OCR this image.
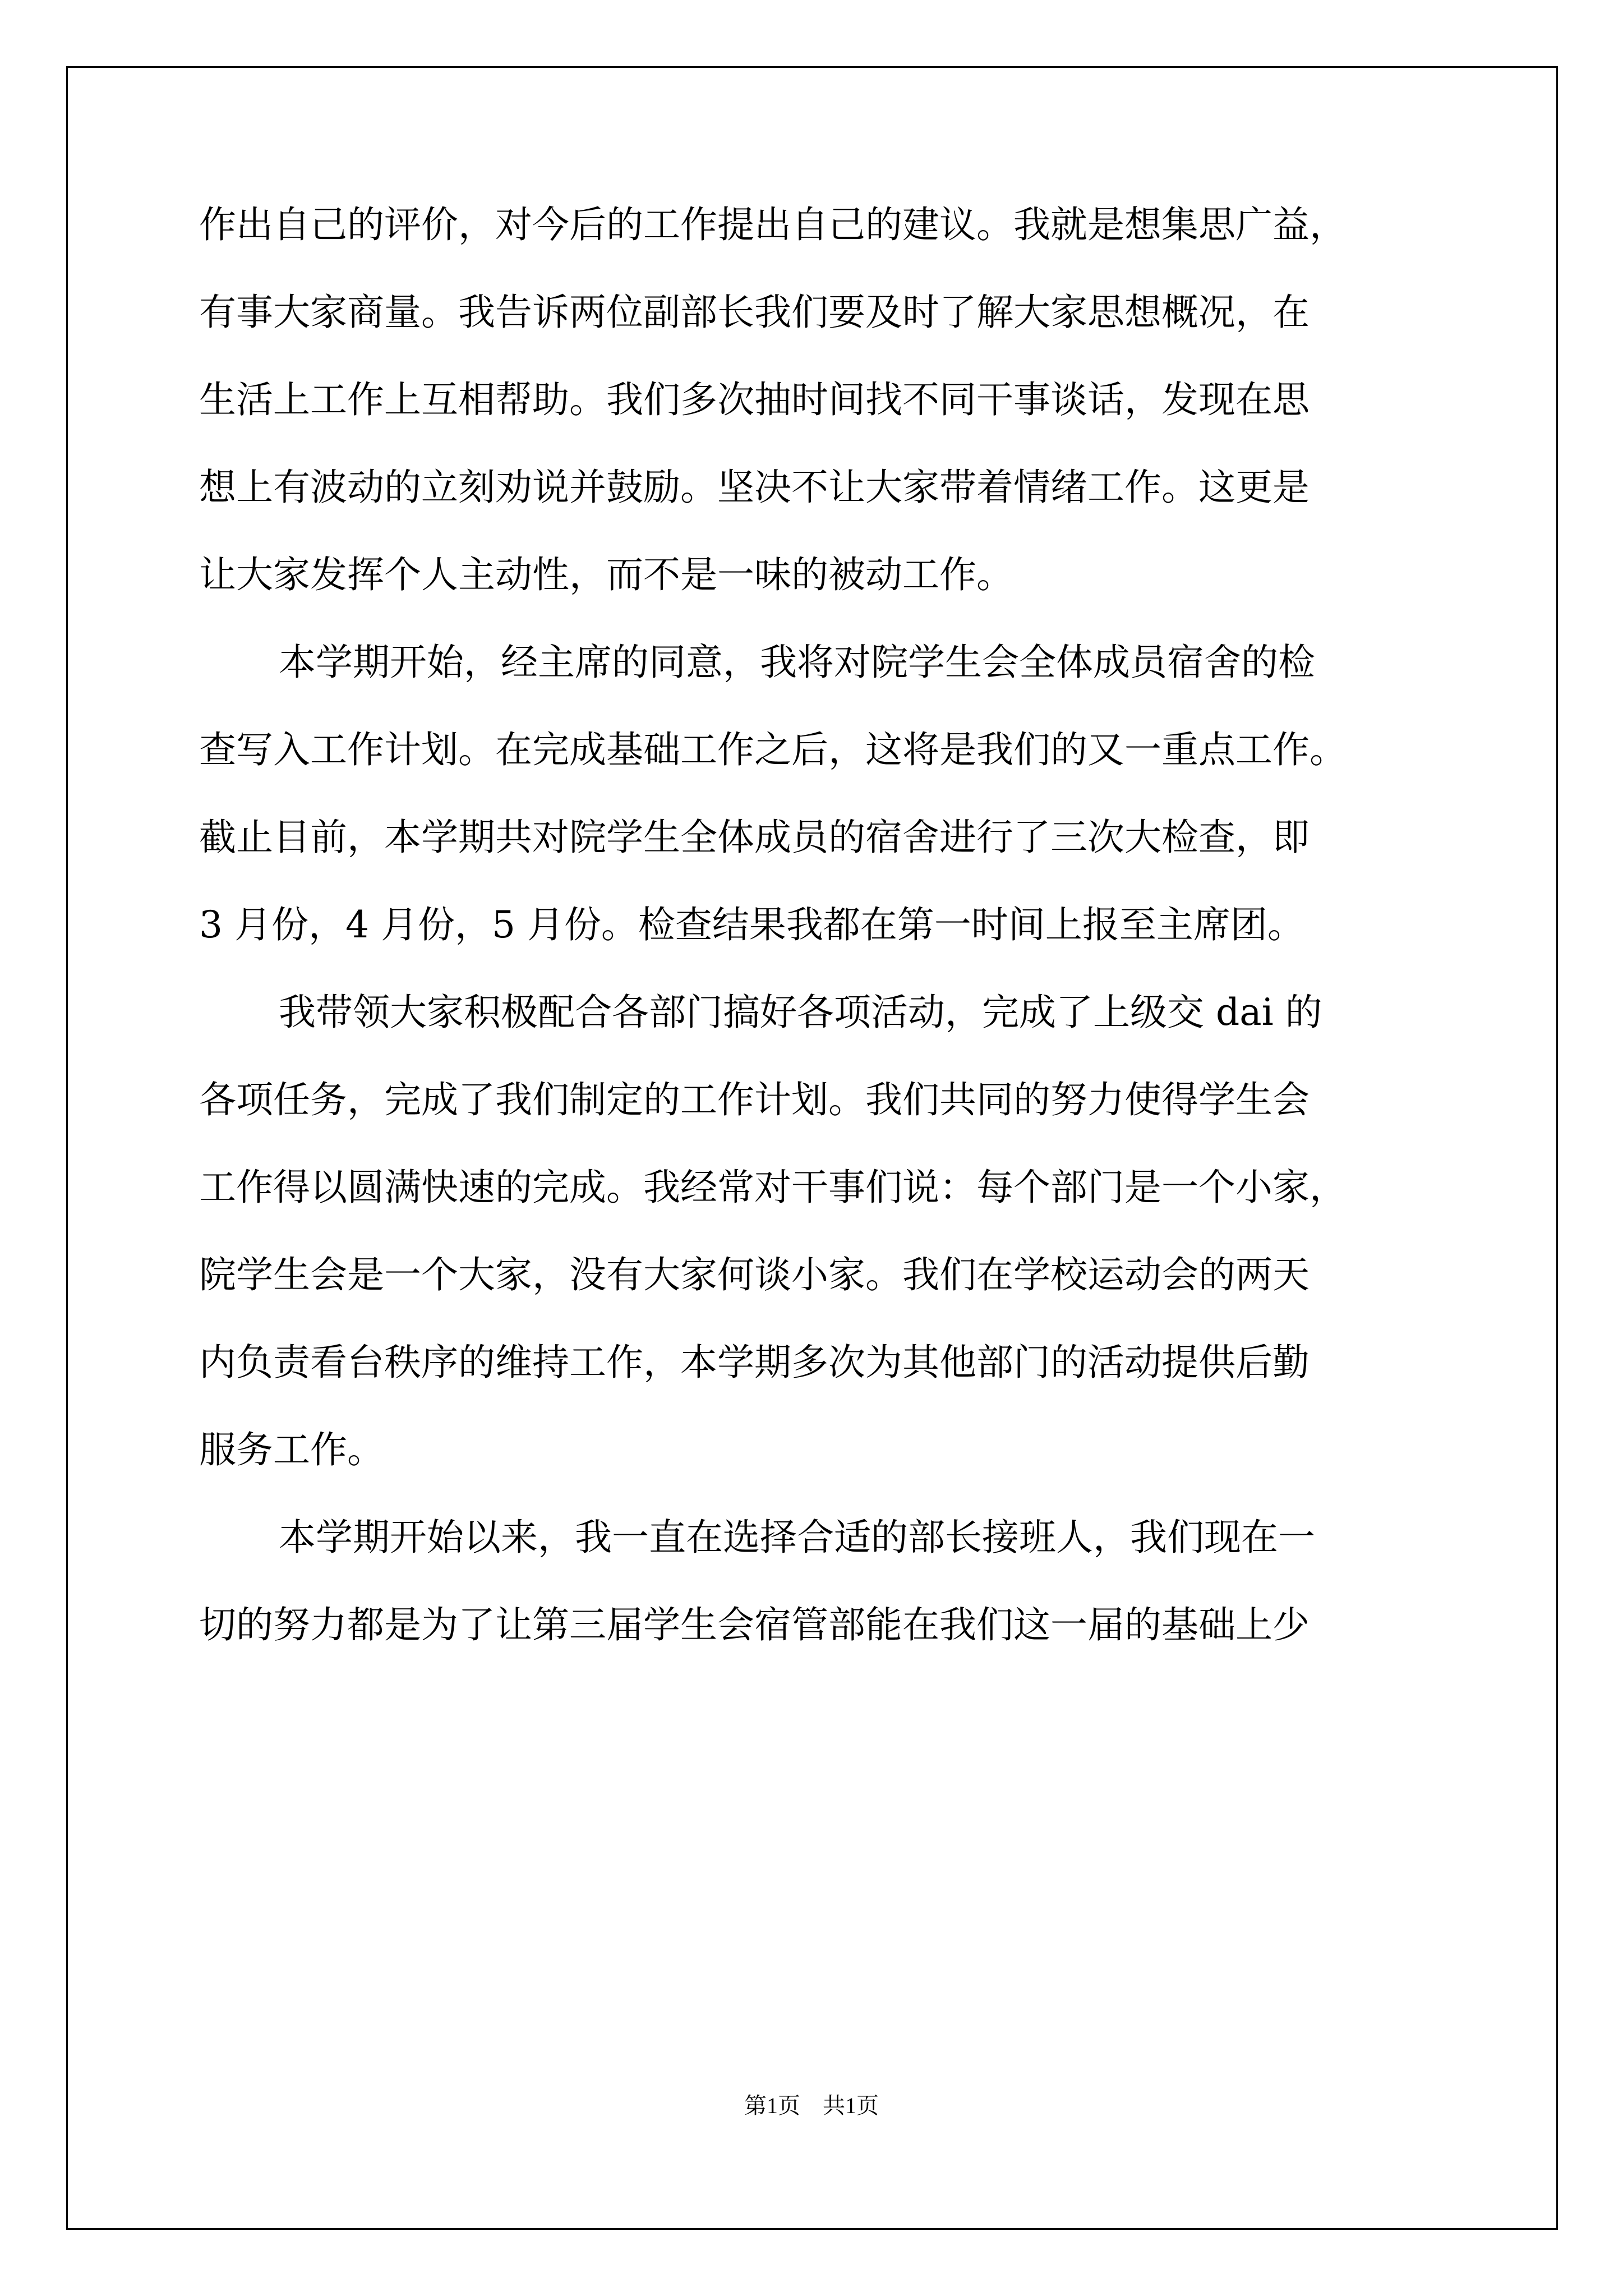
作出自己的评价，对今后的工作提出自己的建议。我就是想集思广益，
有事大家商量。我告诉两位副部长我们要及时了解大家思想概况，在
生活上工作上互相帮助。我们多次抽时间找不同干事谈话，发现在思
想上有波动的立刻劝说并鼓励。坚决不让大家带着情绪工作。这更是
让大家发挥个人主动性，而不是一味的被动工作。
本学期开始，经主席的同意，我将对院学生会全体成员宿舍的检
查写入工作计划。在完成基础工作之后，这将是我们的又一重点工作。
截止目前，本学期共对院学生全体成员的宿舍进行了三次大检查，即
3 月份，4 月份，5 月份。检查结果我都在第一时间上报至主席团。
我带领大家积极配合各部门搞好各项活动，完成了上级交 dai 的
各项任务，完成了我们制定的工作计划。我们共同的努力使得学生会
工作得以圆满快速的完成。我经常对干事们说：每个部门是一个小家，
院学生会是一个大家，没有大家何谈小家。我们在学校运动会的两天
内负责看台秩序的维持工作，本学期多次为其他部门的活动提供后勤
服务工作。
本学期开始以来，我一直在选择合适的部长接班人，我们现在一
切的努力都是为了让第三届学生会宿管部能在我们这一届的基础上少
第1页　共1页
